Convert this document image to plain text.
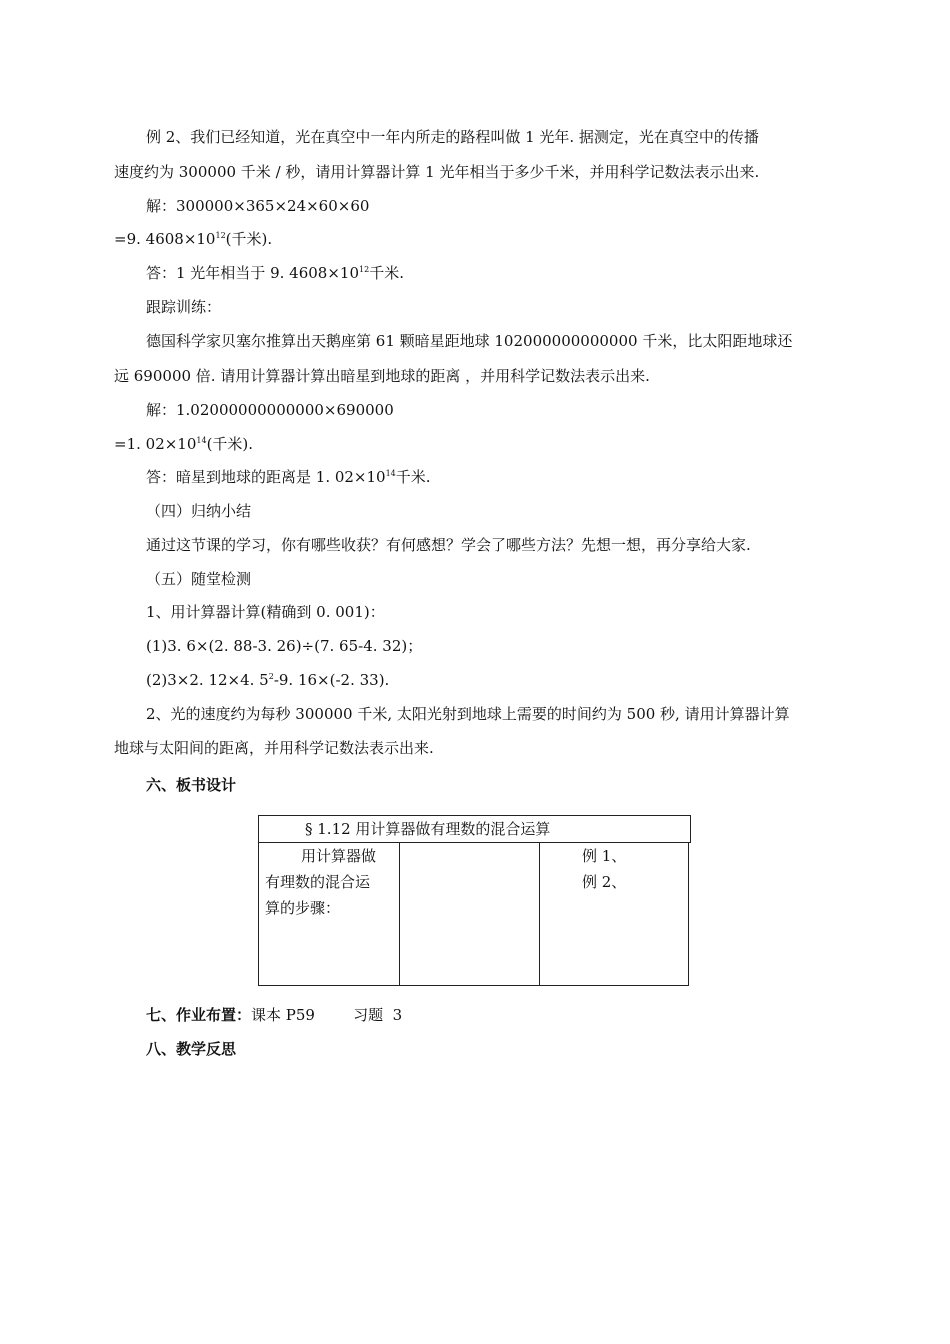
例 2、我们已经知道，光在真空中一年内所走的路程叫做 1 光年. 据测定，光在真空中的传播
速度约为 300000 千米 / 秒，请用计算器计算 1 光年相当于多少千米，并用科学记数法表示出来.
解：300000×365×24×60×60
=9. $4608\times 10^{12}$(千米).
答：1 光年相当于 9. $4608\times 10^{12}$千米.
跟踪训练：
德国科学家贝塞尔推算出天鹅座第 61 颗暗星距地球 102000000000000 千米，比太阳距地球还
远 690000 倍. 请用计算器计算出暗星到地球的距离 ，并用科学记数法表示出来.
解：1.02000000000000×690000
=1. $02\times 10^{14}$(千米).
答：暗星到地球的距离是 1. $02\times 10^{14}$千米.
（四）归纳小结
通过这节课的学习，你有哪些收获？有何感想？学会了哪些方法？先想一想，再分享给大家.
（五）随堂检测
1、用计算器计算(精确到 0. 001)：
(1)3. 6×(2. 88-3. 26)÷(7. 65-4. 32)；
(2)3×2. 12×4. $5^2-9$. 16×(-2. 33).
2、光的速度约为每秒 300000 千米, 太阳光射到地球上需要的时间约为 500 秒, 请用计算器计算
地球与太阳间的距离，并用科学记数法表示出来.
六、板书设计
§ 1.12 用计算器做有理数的混合运算
用计算器做
有理数的混合运
算的步骤：
例 1、
例 2、
七、作业布置：课本 P59        习题  3
八、教学反思
